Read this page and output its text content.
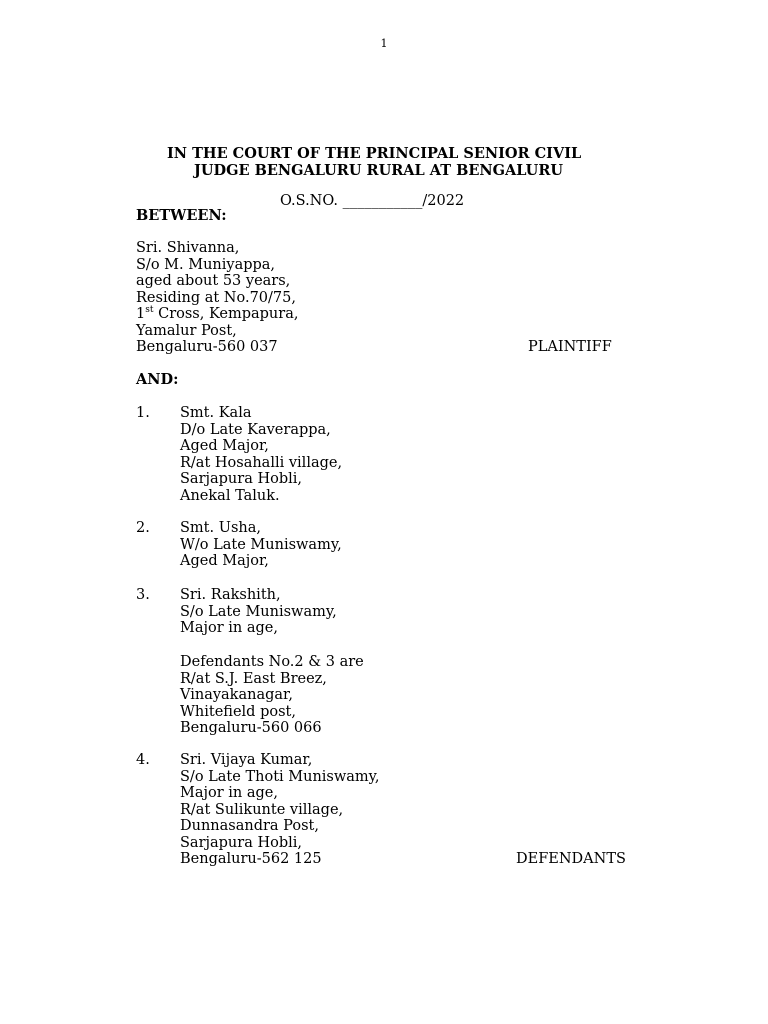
1
IN THE COURT OF THE PRINCIPAL SENIOR CIVIL
JUDGE BENGALURU RURAL AT BENGALURU
O.S.NO. ___________/2022
BETWEEN:
Sri. Shivanna,
S/o M. Muniyappa,
aged about 53 years,
Residing at No.70/75,
1st Cross, Kempapura,
Yamalur Post,
Bengaluru-560 037	PLAINTIFF
AND:
1. Smt. Kala
D/o Late Kaverappa,
Aged Major,
R/at Hosahalli village,
Sarjapura Hobli,
Anekal Taluk.
2. Smt. Usha,
W/o Late Muniswamy,
Aged Major,
3. Sri. Rakshith,
S/o Late Muniswamy,
Major in age,
Defendants No.2 & 3 are
R/at S.J. East Breez,
Vinayakanagar,
Whitefield post,
Bengaluru-560 066
4. Sri. Vijaya Kumar,
S/o Late Thoti Muniswamy,
Major in age,
R/at Sulikunte village,
Dunnasandra Post,
Sarjapura Hobli,
Bengaluru-562 125	DEFENDANTS
